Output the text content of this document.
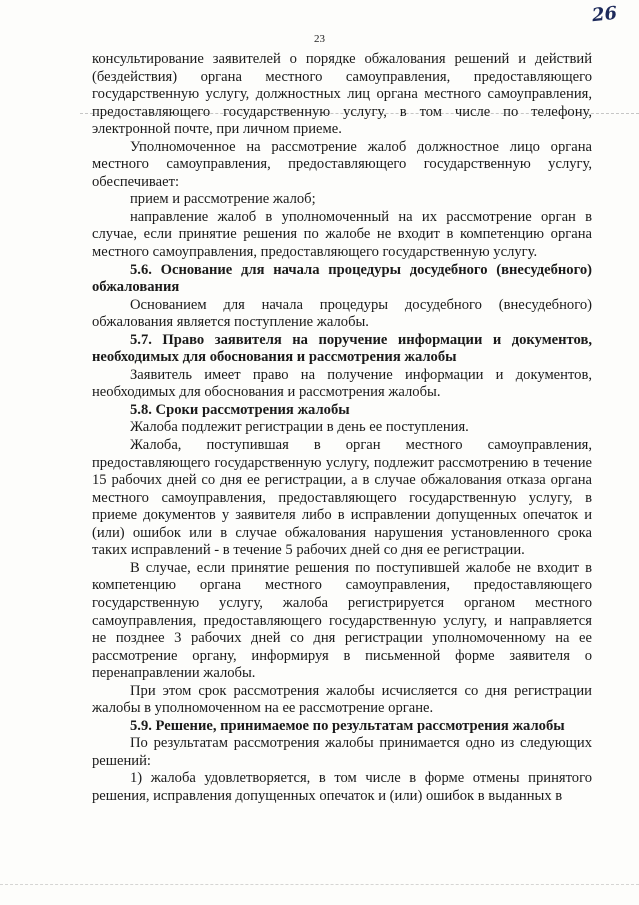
26
23

консультирование заявителей о порядке обжалования решений и действий (бездействия) органа местного самоуправления, предоставляющего государственную услугу, должностных лиц органа местного самоуправления, предоставляющего государственную услугу, в том числе по телефону, электронной почте, при личном приеме.

Уполномоченное на рассмотрение жалоб должностное лицо органа местного самоуправления, предоставляющего государственную услугу, обеспечивает:

прием и рассмотрение жалоб;

направление жалоб в уполномоченный на их рассмотрение орган в случае, если принятие решения по жалобе не входит в компетенцию органа местного самоуправления, предоставляющего государственную услугу.

5.6. Основание для начала процедуры досудебного (внесудебного) обжалования

Основанием для начала процедуры досудебного (внесудебного) обжалования является поступление жалобы.

5.7. Право заявителя на поручение информации и документов, необходимых для обоснования и рассмотрения жалобы

Заявитель имеет право на получение информации и документов, необходимых для обоснования и рассмотрения жалобы.

5.8. Сроки рассмотрения жалобы

Жалоба подлежит регистрации в день ее поступления.

Жалоба, поступившая в орган местного самоуправления, предоставляющего государственную услугу, подлежит рассмотрению в течение 15 рабочих дней со дня ее регистрации, а в случае обжалования отказа органа местного самоуправления, предоставляющего государственную услугу, в приеме документов у заявителя либо в исправлении допущенных опечаток и (или) ошибок или в случае обжалования нарушения установленного срока таких исправлений - в течение 5 рабочих дней со дня ее регистрации.

В случае, если принятие решения по поступившей жалобе не входит в компетенцию органа местного самоуправления, предоставляющего государственную услугу, жалоба регистрируется органом местного самоуправления, предоставляющего государственную услугу, и направляется не позднее 3 рабочих дней со дня регистрации уполномоченному на ее рассмотрение органу, информируя в письменной форме заявителя о перенаправлении жалобы.

При этом срок рассмотрения жалобы исчисляется со дня регистрации жалобы в уполномоченном на ее рассмотрение органе.

5.9. Решение, принимаемое по результатам рассмотрения жалобы

По результатам рассмотрения жалобы принимается одно из следующих решений:

1) жалоба удовлетворяется, в том числе в форме отмены принятого решения, исправления допущенных опечаток и (или) ошибок в выданных в
